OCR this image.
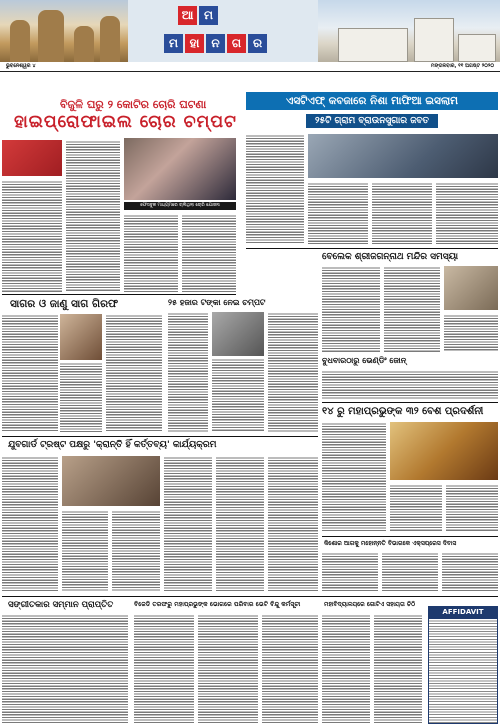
ଆ ମ
ମ ହା	ନ	ଗ ର
ଭୁବନେଶ୍ୱର ୪	ମଙ୍ଗଳବାର, ୧୧ ଅଗଷ୍ଟ ୨୦୨୦
ବିଜୁଳି ଘରୁ ୨ କୋଟିର ଚୋରି ଘଟଣା
ହାଇପ୍ରୋଫାଇଲ ଚୋର ଚମ୍ପଟ
ଫେସବୁକ ମାଧ୍ୟମରେ ଚାଲିଥିଲା ଚୋରି ଯୋଜନା
ଏସଟିଏଫ୍ କବଜାରେ ନିଶା ମାଫିଆ ଇସଲାମ
୨୫ଟି ଗ୍ରାମ ବ୍ରାଉନସୁଗାର ଜବତ
ବେଲେକ ଶ୍ରୀଜଗନ୍ନାଥ ମନ୍ଦିର ସମସ୍ୟା
ସାଗର ଓ ଜାଣୁ ସାଗ ଗିରଫ	୨୫ ହଜାର ଟଙ୍କା ନେଇ ଚମ୍ପଟ
ବୁଧବାରଠାରୁ ଭେଣ୍ଡିଂ ଜୋନ୍
୧୪ ରୁ ମହାପ୍ରଭୁଙ୍କ ୩୨ ବେଶ ପ୍ରଦର୍ଶନୀ
ଯୁବଗାର୍ଡ ଟ୍ରଷ୍ଟ ପକ୍ଷରୁ 'କ୍ରାନ୍ତି ହିଁ କର୍ତ୍ତବ୍ୟ' କାର୍ଯ୍ୟକ୍ରମ
କିଶୋର ଆଗକୁ ମହୋନ୍ନତି ବିଭାଗକେ ଏକ୍ସପ୍ରେସ ଦିବାସ
ସଙ୍ଗୀତକାର ସମ୍ମାନ ପ୍ରାପ୍ତିତ	ବିଜେଡି ତରଫରୁ ମହାପ୍ରଭୁଙ୍କ ଭୋଗରେ ପରିବାର ଭେଟି ବିନ୍ଦୁ କର୍ମସୂଚୀ	ମହାବିଦ୍ୟାଳୟରେ ଗୋଟିଏ ସହାୟତା ଚିଠି
AFFIDAVIT
